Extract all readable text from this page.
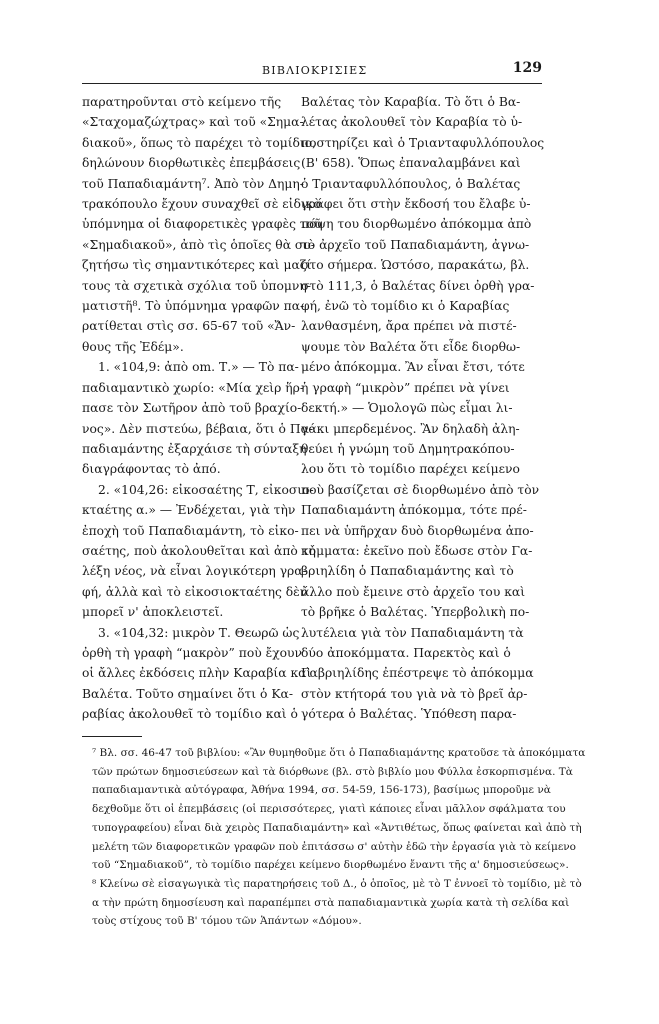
ΒΙΒΛΙΟΚΡΙΣΙΕΣ	129
παρατηροῦνται στὸ κείμενο τῆς
«Σταχομαζώχτρας» καὶ τοῦ «Σημα-
διακοῦ», ὅπως τὸ παρέχει τὸ τομίδιο,
δηλώνουν διορθωτικὲς ἐπεμβάσεις
τοῦ Παπαδιαμάντη⁷. Ἀπὸ τὸν Δημη-
τρακόπουλο ἔχουν συναχθεῖ σὲ εἰδικὸ
ὑπόμνημα οἱ διαφορετικὲς γραφὲς τοῦ
«Σημαδιακοῦ», ἀπὸ τὶς ὁποῖες θὰ συ-
ζητήσω τὶς σημαντικότερες καὶ μαζί
τους τὰ σχετικὰ σχόλια τοῦ ὑπομνη-
ματιστῆ⁸. Τὸ ὑπόμνημα γραφῶν πα-
ρατίθεται στὶς σσ. 65-67 τοῦ «Ἄν-
θους τῆς Ἐδέμ».
1. «104,9: ἀπὸ om. Τ.» — Τὸ πα-
παδιαμαντικὸ χωρίο: «Μία χεὶρ ἥρ-
πασε τὸν Σωτῆρον ἀπὸ τοῦ βραχίο-
νος». Δὲν πιστεύω, βέβαια, ὅτι ὁ Πα-
παδιαμάντης ἐξαρχάισε τὴ σύνταξη
διαγράφοντας τὸ ἀπό.
2. «104,26: εἰκοσαέτης Τ, εἰκοσιο-
κταέτης α.» — Ἐνδέχεται, γιὰ τὴν
ἐποχὴ τοῦ Παπαδιαμάντη, τὸ εἰκο-
σαέτης, ποὺ ἀκολουθεῖται καὶ ἀπὸ τὴ
λέξη νέος, νὰ εἶναι λογικότερη γρα-
φή, ἀλλὰ καὶ τὸ εἰκοσιοκταέτης δὲν
μπορεῖ ν' ἀποκλειστεῖ.
3. «104,32: μικρὸν Τ. Θεωρῶ ὡς
ὀρθὴ τὴ γραφὴ “μακρὸν” ποὺ ἔχουν
οἱ ἄλλες ἐκδόσεις πλὴν Καραβία καὶ
Βαλέτα. Τοῦτο σημαίνει ὅτι ὁ Κα-
ραβίας ἀκολουθεῖ τὸ τομίδιο καὶ ὁ
Βαλέτας τὸν Καραβία. Τὸ ὅτι ὁ Βα-
λέτας ἀκολουθεῖ τὸν Καραβία τὸ ὑ-
ποστηρίζει καὶ ὁ Τριανταφυλλόπουλος
(Β' 658). Ὅπως ἐπαναλαμβάνει καὶ
ὁ Τριανταφυλλόπουλος, ὁ Βαλέτας
γράφει ὅτι στὴν ἔκδοσή του ἔλαβε ὑ-
πόψη του διορθωμένο ἀπόκομμα ἀπὸ
τὸ ἀρχεῖο τοῦ Παπαδιαμάντη, ἀγνω-
στο σήμερα. Ὡστόσο, παρακάτω, βλ.
στὸ 111,3, ὁ Βαλέτας δίνει ὀρθὴ γρα-
φή, ἐνῶ τὸ τομίδιο κι ὁ Καραβίας
λανθασμένη, ἄρα πρέπει νὰ πιστέ-
ψουμε τὸν Βαλέτα ὅτι εἶδε διορθω-
μένο ἀπόκομμα. Ἂν εἶναι ἔτσι, τότε
ἡ γραφὴ “μικρὸν” πρέπει νὰ γίνει
δεκτή.» — Ὁμολογῶ πὼς εἶμαι λι-
γάκι μπερδεμένος. Ἂν δηλαδὴ ἀλη-
θεύει ἡ γνώμη τοῦ Δημητρακόπου-
λου ὅτι τὸ τομίδιο παρέχει κείμενο
ποὺ βασίζεται σὲ διορθωμένο ἀπὸ τὸν
Παπαδιαμάντη ἀπόκομμα, τότε πρέ-
πει νὰ ὑπῆρχαν δυὸ διορθωμένα ἀπο-
κόμματα: ἐκεῖνο ποὺ ἔδωσε στὸν Γα-
βριηλίδη ὁ Παπαδιαμάντης καὶ τὸ
ἄλλο ποὺ ἔμεινε στὸ ἀρχεῖο του καὶ
τὸ βρῆκε ὁ Βαλέτας. Ὑπερβολικὴ πο-
λυτέλεια γιὰ τὸν Παπαδιαμάντη τὰ
δύο ἀποκόμματα. Παρεκτὸς καὶ ὁ
Γαβριηλίδης ἐπέστρεψε τὸ ἀπόκομμα
στὸν κτήτορά του γιὰ νὰ τὸ βρεῖ ἀρ-
γότερα ὁ Βαλέτας. Ὑπόθεση παρα-
⁷ Βλ. σσ. 46-47 τοῦ βιβλίου: «Ἂν θυμηθοῦμε ὅτι ὁ Παπαδιαμάντης κρατοῦσε τὰ ἀποκόμματα
τῶν πρώτων δημοσιεύσεων καὶ τὰ διόρθωνε (βλ. στὸ βιβλίο μου Φύλλα ἐσκορπισμένα. Τὰ
παπαδιαμαντικὰ αὐτόγραφα, Ἀθήνα 1994, σσ. 54-59, 156-173), βασίμως μποροῦμε νὰ
δεχθοῦμε ὅτι οἱ ἐπεμβάσεις (οἱ περισσότερες, γιατὶ κάποιες εἶναι μᾶλλον σφάλματα του
τυπογραφείου) εἶναι διὰ χειρὸς Παπαδιαμάντη» καὶ «Ἀντιθέτως, ὅπως φαίνεται καὶ ἀπὸ τὴ
μελέτη τῶν διαφορετικῶν γραφῶν ποὺ ἐπιτάσσω σ' αὐτὴν ἐδῶ τὴν ἐργασία γιὰ τὸ κείμενο
τοῦ “Σημαδιακοῦ”, τὸ τομίδιο παρέχει κείμενο διορθωμένο ἔναντι τῆς α' δημοσιεύσεως».
⁸ Κλείνω σὲ εἰσαγωγικὰ τὶς παρατηρήσεις τοῦ Δ., ὁ ὁποῖος, μὲ τὸ Τ ἐννοεῖ τὸ τομίδιο, μὲ τὸ
α τὴν πρώτη δημοσίευση καὶ παραπέμπει στὰ παπαδιαμαντικὰ χωρία κατὰ τὴ σελίδα καὶ
τοὺς στίχους τοῦ Β' τόμου τῶν Ἁπάντων «Δόμου».
